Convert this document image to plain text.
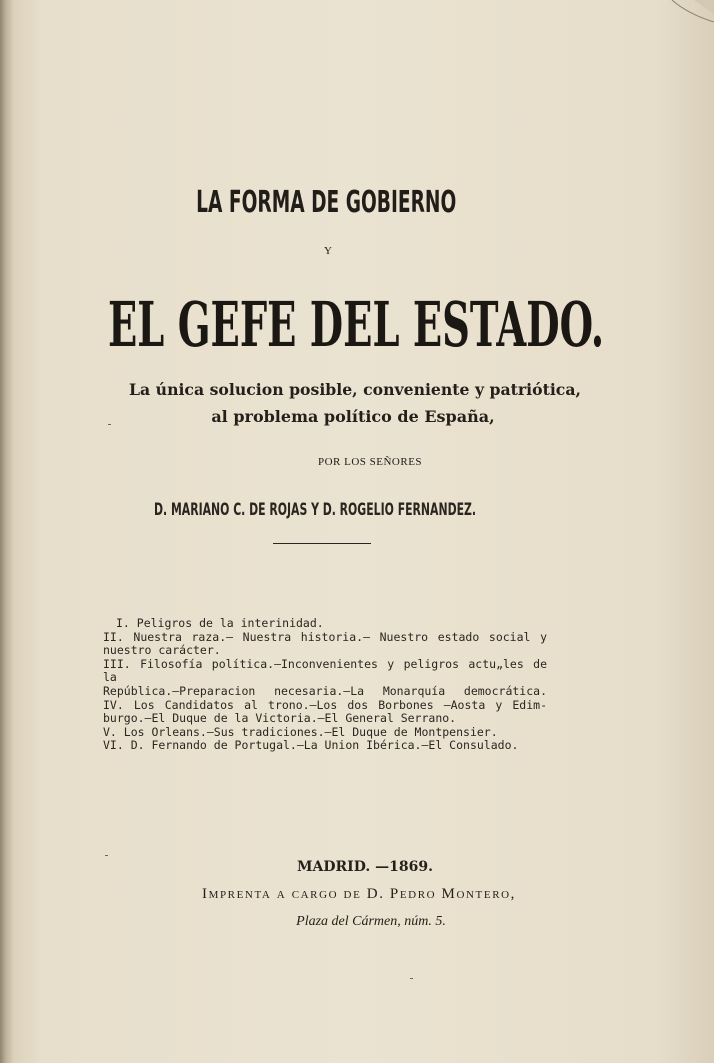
LA FORMA DE GOBIERNO
Y
EL GEFE DEL ESTADO.
La única solucion posible, conveniente y patriótica,
al problema político de España,
POR LOS SEÑORES
D. MARIANO C. DE ROJAS Y D. ROGELIO FERNANDEZ.
I. Peligros de la interinidad.
II. Nuestra raza.— Nuestra historia.— Nuestro estado social y
nuestro carácter.
III. Filosofía política.—Inconvenientes y peligros actu„les de la
República.—Preparacion necesaria.—La Monarquía democrática.
IV. Los Candidatos al trono.—Los dos Borbones —Aosta y Edim-
burgo.—El Duque de la Victoria.—El General Serrano.
V. Los Orleans.—Sus tradiciones.—El Duque de Montpensier.
VI. D. Fernando de Portugal.—La Union Ibérica.—El Consulado.
MADRID. —1869.
Imprenta a cargo de D. Pedro Montero,
Plaza del Cármen, núm. 5.
